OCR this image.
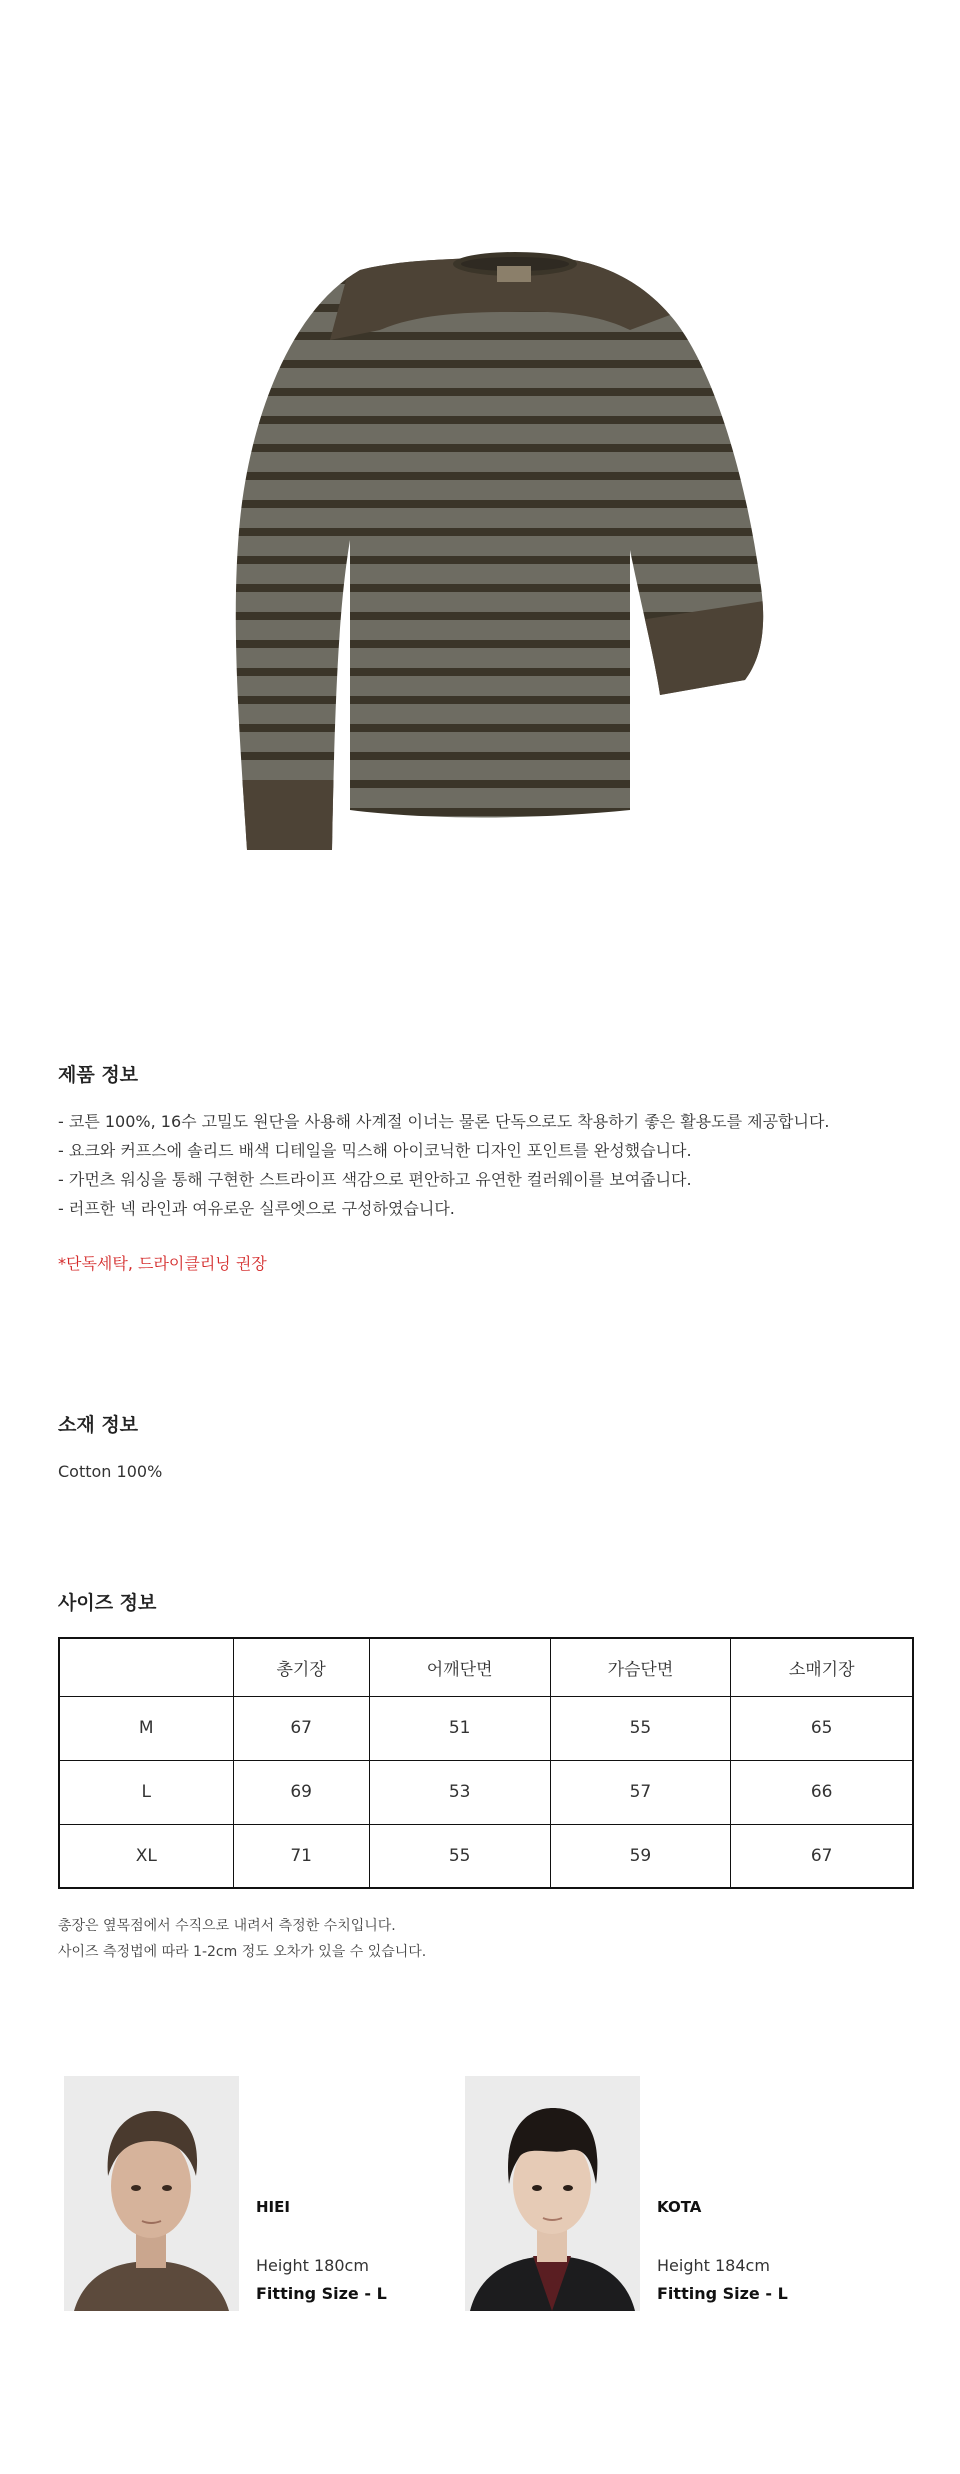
제품 정보
- 코튼 100%, 16수 고밀도 원단을 사용해 사계절 이너는 물론 단독으로도 착용하기 좋은 활용도를 제공합니다.
- 요크와 커프스에 솔리드 배색 디테일을 믹스해 아이코닉한 디자인 포인트를 완성했습니다.
- 가먼츠 워싱을 통해 구현한 스트라이프 색감으로 편안하고 유연한 컬러웨이를 보여줍니다.
- 러프한 넥 라인과 여유로운 실루엣으로 구성하였습니다.

*단독세탁, 드라이클리닝 권장

소재 정보

Cotton 100%

사이즈 정보
	총기장	어깨단면	가슴단면	소매기장
M	67	51	55	65
L	69	53	57	66
XL	71	55	59	67

총장은 옆목점에서 수직으로 내려서 측정한 수치입니다.

사이즈 측정법에 따라 1-2cm 정도 오차가 있을 수 있습니다.

HIEI
Height 180cm
Fitting Size - L
KOTA
Height 184cm
Fitting Size - L
